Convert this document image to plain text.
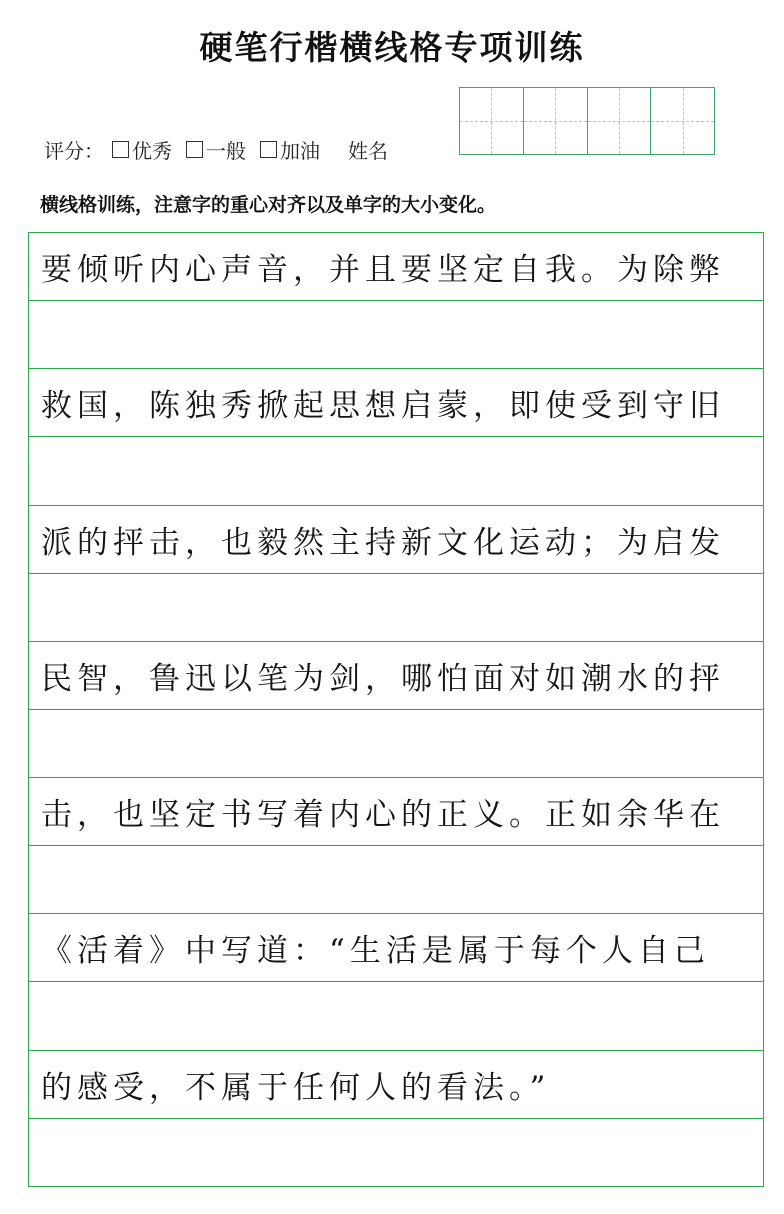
硬笔行楷横线格专项训练
评分： 优秀 一般 加油 姓名
横线格训练，注意字的重心对齐以及单字的大小变化。
要倾听内心声音，并且要坚定自我。为除弊
救国，陈独秀掀起思想启蒙，即使受到守旧
派的抨击，也毅然主持新文化运动；为启发
民智，鲁迅以笔为剑，哪怕面对如潮水的抨
击，也坚定书写着内心的正义。正如余华在
《活着》中写道：“生活是属于每个人自己
的感受，不属于任何人的看法。”
